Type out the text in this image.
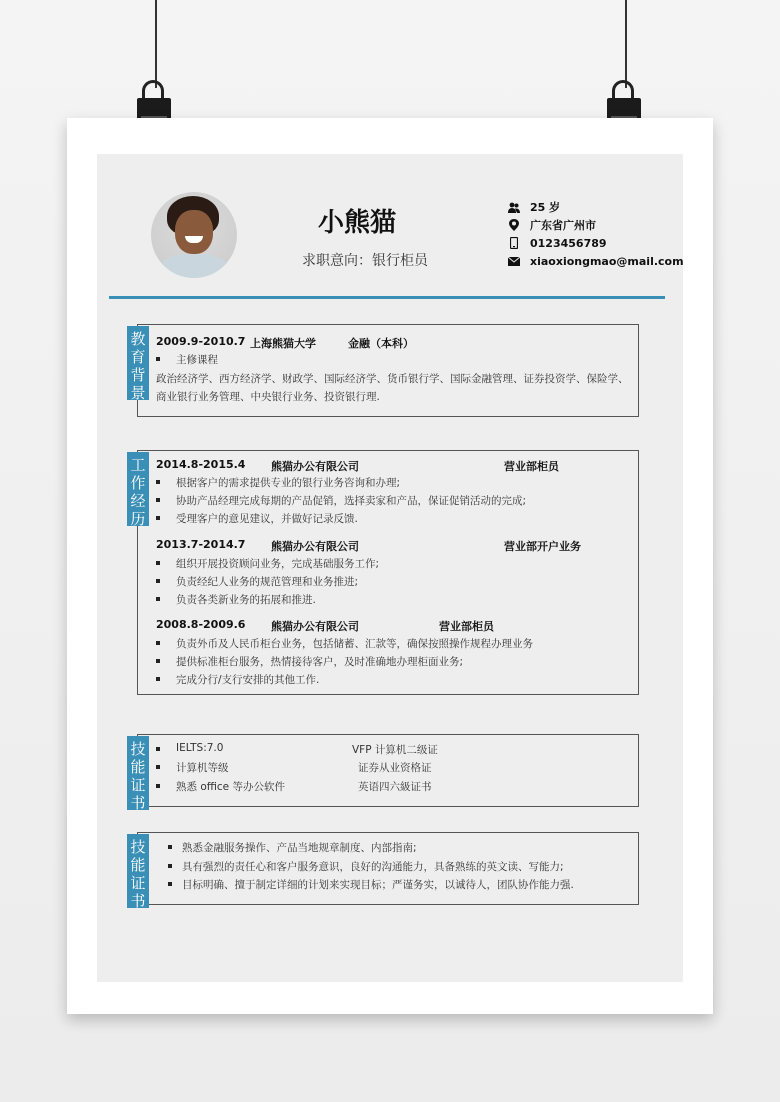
小熊猫
求职意向：银行柜员
25 岁
广东省广州市
0123456789
xiaoxiongmao@mail.com
2009.9-2010.7 上海熊猫大学	金融（本科）
主修课程
政治经济学、西方经济学、财政学、国际经济学、货币银行学、国际金融管理、证券投资学、保险学、
商业银行业务管理、中央银行业务、投资银行理.
教育背景
2014.8-2015.4 熊猫办公有限公司	营业部柜员
根据客户的需求提供专业的银行业务咨询和办理;
协助产品经理完成每期的产品促销，选择卖家和产品，保证促销活动的完成;
受理客户的意见建议，并做好记录反馈.
2013.7-2014.7 熊猫办公有限公司	营业部开户业务
组织开展投资顾问业务，完成基础服务工作;
负责经纪人业务的规范管理和业务推进;
负责各类新业务的拓展和推进.
2008.8-2009.6 熊猫办公有限公司	营业部柜员
负责外币及人民币柜台业务，包括储蓄、汇款等，确保按照操作规程办理业务
提供标准柜台服务，热情接待客户，及时准确地办理柜面业务;
完成分行/支行安排的其他工作.
工作经历
IELTS:7.0	VFP 计算机二级证
计算机等级	证券从业资格证
熟悉 office 等办公软件	英语四六級证书
技能证书
熟悉金融服务操作、产品当地规章制度、内部指南;
具有强烈的责任心和客户服务意识，良好的沟通能力，具备熟练的英文读、写能力;
目标明确、擅于制定详细的计划来实现目标；严谨务实，以诚待人，团队协作能力强.
技能证书
